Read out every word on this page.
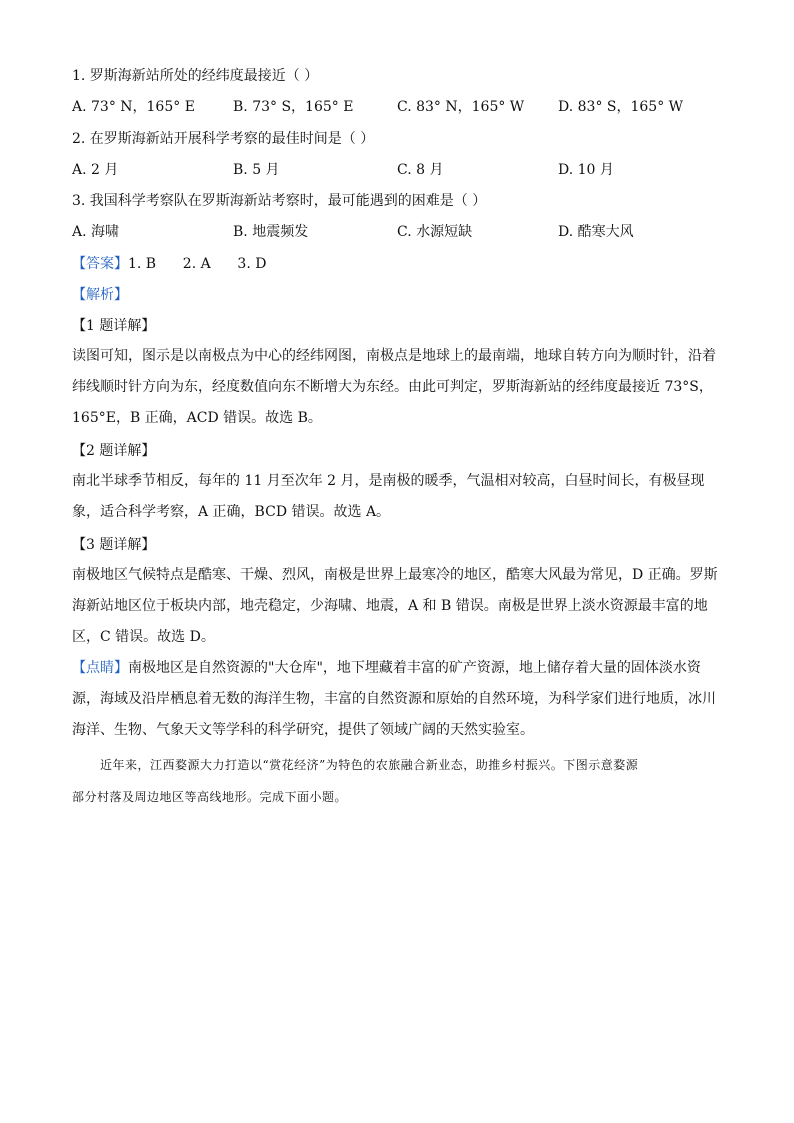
1. 罗斯海新站所处的经纬度最接近（ ）
A. 73° N，165° E	B. 73° S，165° E	C. 83° N，165° W D. 83° S，165° W
2. 在罗斯海新站开展科学考察的最佳时间是（ ）
A. 2 月	B. 5 月	C. 8 月	D. 10 月
3. 我国科学考察队在罗斯海新站考察时，最可能遇到的困难是（ ）
A. 海啸	B. 地震频发	C. 水源短缺	D. 酷寒大风
【答案】1. B      2. A      3. D
【解析】
【1 题详解】
读图可知，图示是以南极点为中心的经纬网图，南极点是地球上的最南端，地球自转方向为顺时针，沿着
纬线顺时针方向为东，经度数值向东不断增大为东经。由此可判定，罗斯海新站的经纬度最接近 73°S，
165°E，B 正确，ACD 错误。故选 B。
【2 题详解】
南北半球季节相反，每年的 11 月至次年 2 月，是南极的暖季，气温相对较高，白昼时间长，有极昼现
象，适合科学考察，A 正确，BCD 错误。故选 A。
【3 题详解】
南极地区气候特点是酷寒、干燥、烈风，南极是世界上最寒冷的地区，酷寒大风最为常见，D 正确。罗斯
海新站地区位于板块内部，地壳稳定，少海啸、地震，A 和 B 错误。南极是世界上淡水资源最丰富的地
区，C 错误。故选 D。
【点睛】南极地区是自然资源的"大仓库"，地下埋藏着丰富的矿产资源，地上储存着大量的固体淡水资
源，海域及沿岸栖息着无数的海洋生物，丰富的自然资源和原始的自然环境，为科学家们进行地质，冰川
海洋、生物、气象天文等学科的科学研究，提供了领域广阔的天然实验室。
近年来，江西婺源大力打造以“赏花经济”为特色的农旅融合新业态，助推乡村振兴。下图示意婺源
部分村落及周边地区等高线地形。完成下面小题。
